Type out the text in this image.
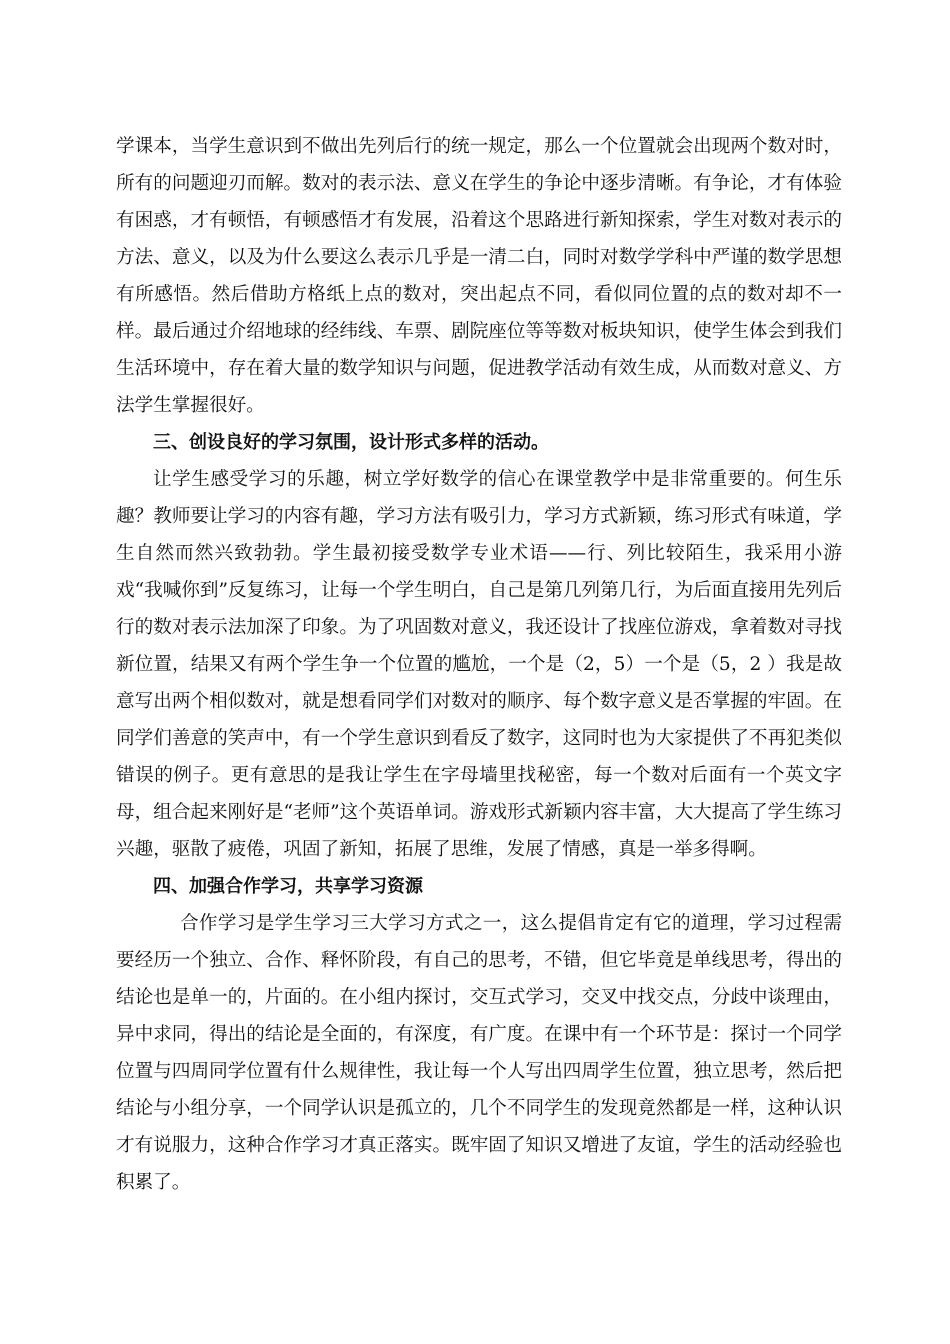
学课本，当学生意识到不做出先列后行的统一规定，那么一个位置就会出现两个数对时，所有的问题迎刃而解。数对的表示法、意义在学生的争论中逐步清晰。有争论，才有体验有困惑，才有顿悟，有顿感悟才有发展，沿着这个思路进行新知探索，学生对数对表示的方法、意义，以及为什么要这么表示几乎是一清二白，同时对数学学科中严谨的数学思想有所感悟。然后借助方格纸上点的数对，突出起点不同，看似同位置的点的数对却不一样。最后通过介绍地球的经纬线、车票、剧院座位等等数对板块知识，使学生体会到我们生活环境中，存在着大量的数学知识与问题，促进教学活动有效生成，从而数对意义、方法学生掌握很好。

三、创设良好的学习氛围，设计形式多样的活动。

让学生感受学习的乐趣，树立学好数学的信心在课堂教学中是非常重要的。何生乐趣？教师要让学习的内容有趣，学习方法有吸引力，学习方式新颖，练习形式有味道，学生自然而然兴致勃勃。学生最初接受数学专业术语——行、列比较陌生，我采用小游戏“我喊你到”反复练习，让每一个学生明白，自己是第几列第几行，为后面直接用先列后行的数对表示法加深了印象。为了巩固数对意义，我还设计了找座位游戏，拿着数对寻找新位置，结果又有两个学生争一个位置的尴尬，一个是（2，5）一个是（5，2 ）我是故意写出两个相似数对，就是想看同学们对数对的顺序、每个数字意义是否掌握的牢固。在同学们善意的笑声中，有一个学生意识到看反了数字，这同时也为大家提供了不再犯类似错误的例子。更有意思的是我让学生在字母墙里找秘密，每一个数对后面有一个英文字母，组合起来刚好是“老师”这个英语单词。游戏形式新颖内容丰富，大大提高了学生练习兴趣，驱散了疲倦，巩固了新知，拓展了思维，发展了情感，真是一举多得啊。

四、加强合作学习，共享学习资源

合作学习是学生学习三大学习方式之一，这么提倡肯定有它的道理，学习过程需要经历一个独立、合作、释怀阶段，有自己的思考，不错，但它毕竟是单线思考，得出的结论也是单一的，片面的。在小组内探讨，交互式学习，交叉中找交点，分歧中谈理由，异中求同，得出的结论是全面的，有深度，有广度。在课中有一个环节是：探讨一个同学位置与四周同学位置有什么规律性，我让每一个人写出四周学生位置，独立思考，然后把结论与小组分享，一个同学认识是孤立的，几个不同学生的发现竟然都是一样，这种认识才有说服力，这种合作学习才真正落实。既牢固了知识又增进了友谊，学生的活动经验也积累了。
